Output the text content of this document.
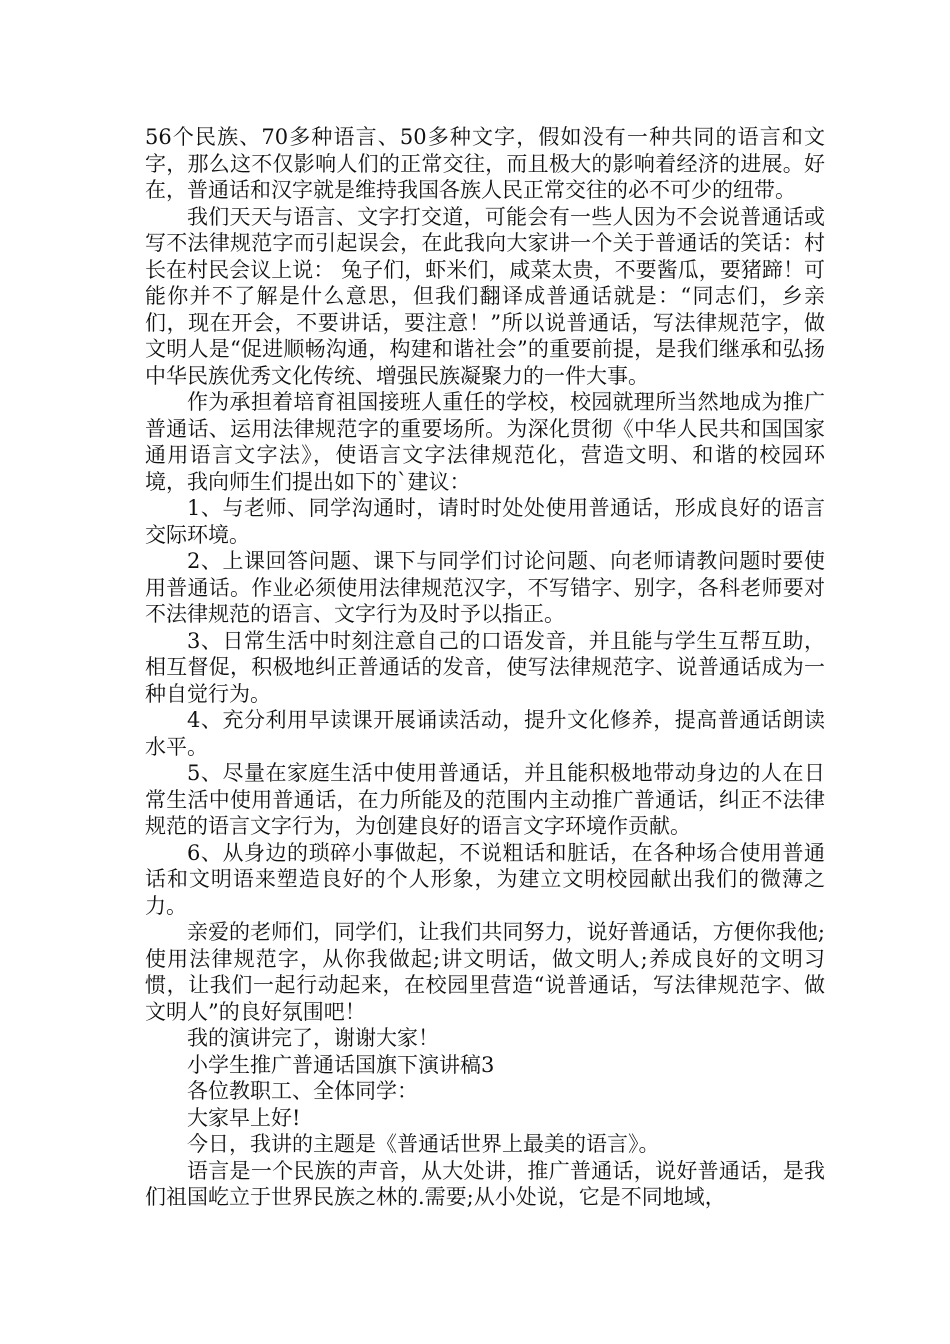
56个民族、70多种语言、50多种文字，假如没有一种共同的语言和文字，那么这不仅影响人们的正常交往，而且极大的影响着经济的进展。好在，普通话和汉字就是维持我国各族人民正常交往的必不可少的纽带。

我们天天与语言、文字打交道，可能会有一些人因为不会说普通话或写不法律规范字而引起误会，在此我向大家讲一个关于普通话的笑话：村长在村民会议上说： 兔子们，虾米们，咸菜太贵，不要酱瓜，要猪蹄！可能你并不了解是什么意思，但我们翻译成普通话就是：“同志们，乡亲们，现在开会，不要讲话，要注意！”所以说普通话，写法律规范字，做文明人是“促进顺畅沟通，构建和谐社会”的重要前提，是我们继承和弘扬中华民族优秀文化传统、增强民族凝聚力的一件大事。

作为承担着培育祖国接班人重任的学校，校园就理所当然地成为推广普通话、运用法律规范字的重要场所。为深化贯彻《中华人民共和国国家通用语言文字法》，使语言文字法律规范化，营造文明、和谐的校园环境，我向师生们提出如下的`建议：

1、与老师、同学沟通时，请时时处处使用普通话，形成良好的语言交际环境。

2、上课回答问题、课下与同学们讨论问题、向老师请教问题时要使用普通话。作业必须使用法律规范汉字，不写错字、别字，各科老师要对不法律规范的语言、文字行为及时予以指正。

3、日常生活中时刻注意自己的口语发音，并且能与学生互帮互助，相互督促，积极地纠正普通话的发音，使写法律规范字、说普通话成为一种自觉行为。

4、充分利用早读课开展诵读活动，提升文化修养，提高普通话朗读水平。

5、尽量在家庭生活中使用普通话，并且能积极地带动身边的人在日常生活中使用普通话，在力所能及的范围内主动推广普通话，纠正不法律规范的语言文字行为，为创建良好的语言文字环境作贡献。

6、从身边的琐碎小事做起，不说粗话和脏话，在各种场合使用普通话和文明语来塑造良好的个人形象，为建立文明校园献出我们的微薄之力。

亲爱的老师们，同学们，让我们共同努力，说好普通话，方便你我他;使用法律规范字，从你我做起;讲文明话，做文明人;养成良好的文明习惯，让我们一起行动起来，在校园里营造“说普通话，写法律规范字、做文明人”的良好氛围吧！

我的演讲完了，谢谢大家！

小学生推广普通话国旗下演讲稿3

各位教职工、全体同学：

大家早上好!

今日，我讲的主题是《普通话世界上最美的语言》。

语言是一个民族的声音，从大处讲，推广普通话，说好普通话，是我们祖国屹立于世界民族之林的.需要;从小处说，它是不同地域，
